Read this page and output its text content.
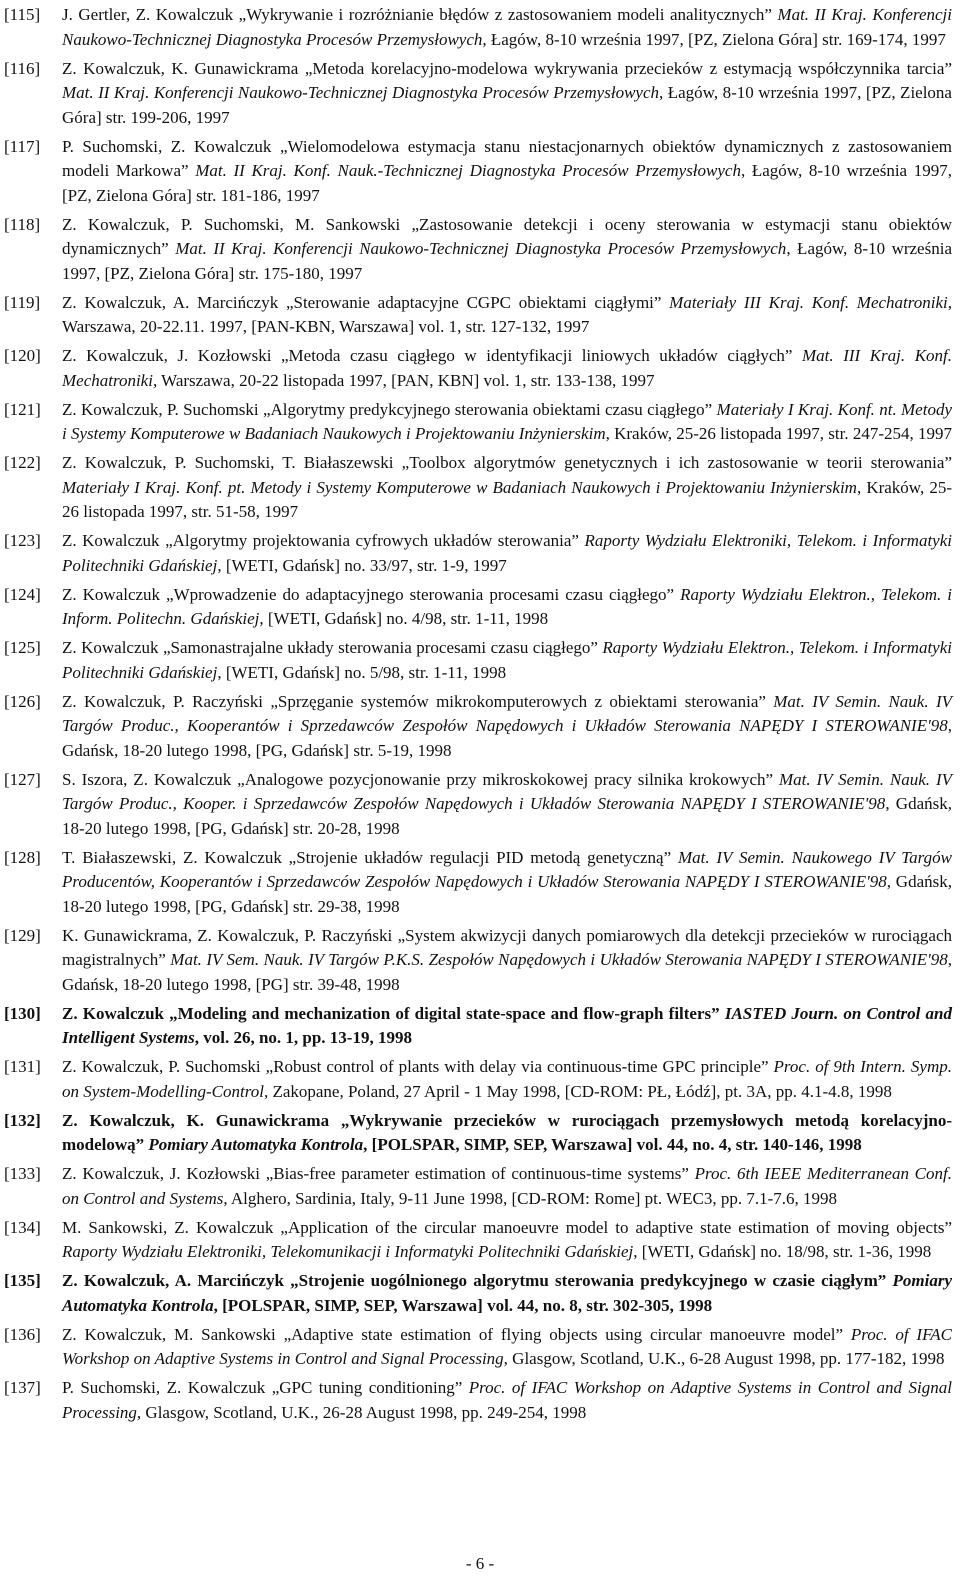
[115] J. Gertler, Z. Kowalczuk „Wykrywanie i rozróżnianie błędów z zastosowaniem modeli analitycznych” Mat. II Kraj. Konferencji Naukowo-Technicznej Diagnostyka Procesów Przemysłowych, Łagów, 8-10 września 1997, [PZ, Zielona Góra] str. 169-174, 1997
[116] Z. Kowalczuk, K. Gunawickrama „Metoda korelacyjno-modelowa wykrywania przecieków z estymacją współczynnika tarcia” Mat. II Kraj. Konferencji Naukowo-Technicznej Diagnostyka Procesów Przemysłowych, Łagów, 8-10 września 1997, [PZ, Zielona Góra] str. 199-206, 1997
[117] P. Suchomski, Z. Kowalczuk „Wielomodelowa estymacja stanu niestacjonarnych obiektów dynamicznych z zastosowaniem modeli Markowa” Mat. II Kraj. Konf. Nauk.-Technicznej Diagnostyka Procesów Przemysłowych, Łagów, 8-10 września 1997, [PZ, Zielona Góra] str. 181-186, 1997
[118] Z. Kowalczuk, P. Suchomski, M. Sankowski „Zastosowanie detekcji i oceny sterowania w estymacji stanu obiektów dynamicznych” Mat. II Kraj. Konferencji Naukowo-Technicznej Diagnostyka Procesów Przemysłowych, Łagów, 8-10 września 1997, [PZ, Zielona Góra] str. 175-180, 1997
[119] Z. Kowalczuk, A. Marcińczyk „Sterowanie adaptacyjne CGPC obiektami ciągłymi” Materiały III Kraj. Konf. Mechatroniki, Warszawa, 20-22.11. 1997, [PAN-KBN, Warszawa] vol. 1, str. 127-132, 1997
[120] Z. Kowalczuk, J. Kozłowski „Metoda czasu ciągłego w identyfikacji liniowych układów ciągłych” Mat. III Kraj. Konf. Mechatroniki, Warszawa, 20-22 listopada 1997, [PAN, KBN] vol. 1, str. 133-138, 1997
[121] Z. Kowalczuk, P. Suchomski „Algorytmy predykcyjnego sterowania obiektami czasu ciągłego” Materiały I Kraj. Konf. nt. Metody i Systemy Komputerowe w Badaniach Naukowych i Projektowaniu Inżynierskim, Kraków, 25-26 listopada 1997, str. 247-254, 1997
[122] Z. Kowalczuk, P. Suchomski, T. Białaszewski „Toolbox algorytmów genetycznych i ich zastosowanie w teorii sterowania” Materiały I Kraj. Konf. pt. Metody i Systemy Komputerowe w Badaniach Naukowych i Projektowaniu Inżynierskim, Kraków, 25-26 listopada 1997, str. 51-58, 1997
[123] Z. Kowalczuk „Algorytmy projektowania cyfrowych układów sterowania” Raporty Wydziału Elektroniki, Telekom. i Informatyki Politechniki Gdańskiej, [WETI, Gdańsk] no. 33/97, str. 1-9, 1997
[124] Z. Kowalczuk „Wprowadzenie do adaptacyjnego sterowania procesami czasu ciągłego” Raporty Wydziału Elektron., Telekom. i Inform. Politechn. Gdańskiej, [WETI, Gdańsk] no. 4/98, str. 1-11, 1998
[125] Z. Kowalczuk „Samonastrajalne układy sterowania procesami czasu ciągłego” Raporty Wydziału Elektron., Telekom. i Informatyki Politechniki Gdańskiej, [WETI, Gdańsk] no. 5/98, str. 1-11, 1998
[126] Z. Kowalczuk, P. Raczyński „Sprzęganie systemów mikrokomputerowych z obiektami sterowania” Mat. IV Semin. Nauk. IV Targów Produc., Kooperantów i Sprzedawców Zespołów Napędowych i Układów Sterowania NAPĘDY I STEROWANIE'98, Gdańsk, 18-20 lutego 1998, [PG, Gdańsk] str. 5-19, 1998
[127] S. Iszora, Z. Kowalczuk „Analogowe pozycjonowanie przy mikroskokowej pracy silnika krokowych” Mat. IV Semin. Nauk. IV Targów Produc., Kooper. i Sprzedawców Zespołów Napędowych i Układów Sterowania NAPĘDY I STEROWANIE'98, Gdańsk, 18-20 lutego 1998, [PG, Gdańsk] str. 20-28, 1998
[128] T. Białaszewski, Z. Kowalczuk „Strojenie układów regulacji PID metodą genetyczną” Mat. IV Semin. Naukowego IV Targów Producentów, Kooperantów i Sprzedawców Zespołów Napędowych i Układów Sterowania NAPĘDY I STEROWANIE'98, Gdańsk, 18-20 lutego 1998, [PG, Gdańsk] str. 29-38, 1998
[129] K. Gunawickrama, Z. Kowalczuk, P. Raczyński „System akwizycji danych pomiarowych dla detekcji przecieków w rurociągach magistralnych” Mat. IV Sem. Nauk. IV Targów P.K.S. Zespołów Napędowych i Układów Sterowania NAPĘDY I STEROWANIE'98, Gdańsk, 18-20 lutego 1998, [PG] str. 39-48, 1998
[130] Z. Kowalczuk „Modeling and mechanization of digital state-space and flow-graph filters” IASTED Journ. on Control and Intelligent Systems, vol. 26, no. 1, pp. 13-19, 1998
[131] Z. Kowalczuk, P. Suchomski „Robust control of plants with delay via continuous-time GPC principle” Proc. of 9th Intern. Symp. on System-Modelling-Control, Zakopane, Poland, 27 April - 1 May 1998, [CD-ROM: PŁ, Łódź], pt. 3A, pp. 4.1-4.8, 1998
[132] Z. Kowalczuk, K. Gunawickrama „Wykrywanie przecieków w rurociągach przemysłowych metodą korelacyjno-modelową” Pomiary Automatyka Kontrola, [POLSPAR, SIMP, SEP, Warszawa] vol. 44, no. 4, str. 140-146, 1998
[133] Z. Kowalczuk, J. Kozłowski „Bias-free parameter estimation of continuous-time systems” Proc. 6th IEEE Mediterranean Conf. on Control and Systems, Alghero, Sardinia, Italy, 9-11 June 1998, [CD-ROM: Rome] pt. WEC3, pp. 7.1-7.6, 1998
[134] M. Sankowski, Z. Kowalczuk „Application of the circular manoeuvre model to adaptive state estimation of moving objects” Raporty Wydziału Elektroniki, Telekomunikacji i Informatyki Politechniki Gdańskiej, [WETI, Gdańsk] no. 18/98, str. 1-36, 1998
[135] Z. Kowalczuk, A. Marcińczyk „Strojenie uogólnionego algorytmu sterowania predykcyjnego w czasie ciągłym” Pomiary Automatyka Kontrola, [POLSPAR, SIMP, SEP, Warszawa] vol. 44, no. 8, str. 302-305, 1998
[136] Z. Kowalczuk, M. Sankowski „Adaptive state estimation of flying objects using circular manoeuvre model” Proc. of IFAC Workshop on Adaptive Systems in Control and Signal Processing, Glasgow, Scotland, U.K., 6-28 August 1998, pp. 177-182, 1998
[137] P. Suchomski, Z. Kowalczuk „GPC tuning conditioning” Proc. of IFAC Workshop on Adaptive Systems in Control and Signal Processing, Glasgow, Scotland, U.K., 26-28 August 1998, pp. 249-254, 1998
- 6 -
